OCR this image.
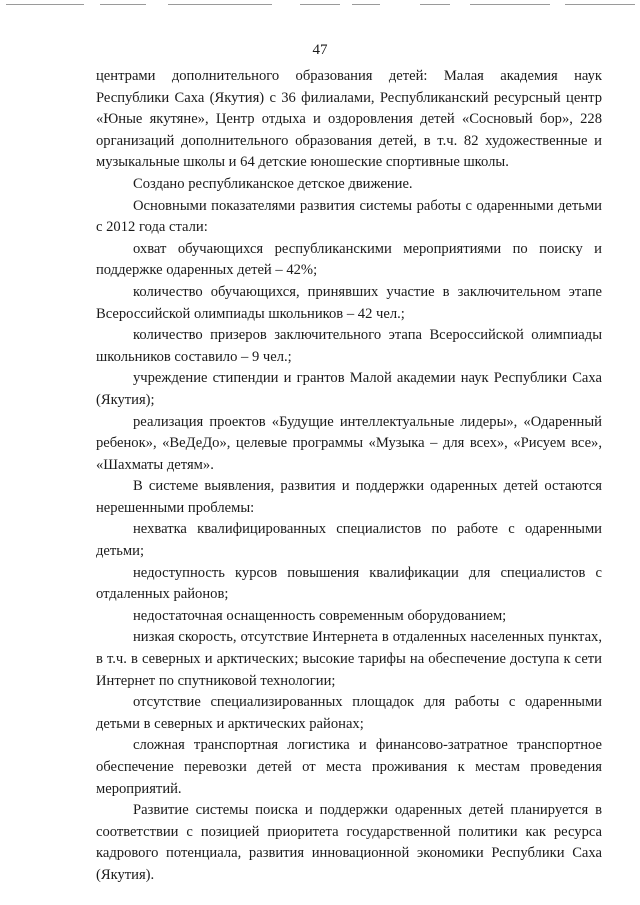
47

центрами дополнительного образования детей: Малая академия наук Республики Саха (Якутия) с 36 филиалами, Республиканский ресурсный центр «Юные якутяне», Центр отдыха и оздоровления детей «Сосновый бор», 228 организаций дополнительного образования детей, в т.ч. 82 художественные и музыкальные школы и 64 детские юношеские спортивные школы.

Создано республиканское детское движение.

Основными показателями развития системы работы с одаренными детьми с 2012 года стали:

охват обучающихся республиканскими мероприятиями по поиску и поддержке одаренных детей – 42%;

количество обучающихся, принявших участие в заключительном этапе Всероссийской олимпиады школьников – 42 чел.;

количество призеров заключительного этапа Всероссийской олимпиады школьников составило – 9 чел.;

учреждение стипендии и грантов Малой академии наук Республики Саха (Якутия);

реализация проектов «Будущие интеллектуальные лидеры», «Одаренный ребенок», «ВеДеДо», целевые программы «Музыка – для всех», «Рисуем все», «Шахматы детям».

В системе выявления, развития и поддержки одаренных детей остаются нерешенными проблемы:

нехватка квалифицированных специалистов по работе с одаренными детьми;

недоступность курсов повышения квалификации для специалистов с отдаленных районов;

недостаточная оснащенность современным оборудованием;

низкая скорость, отсутствие Интернета в отдаленных населенных пунктах, в т.ч. в северных и арктических; высокие тарифы на обеспечение доступа к сети Интернет по спутниковой технологии;

отсутствие специализированных площадок для работы с одаренными детьми в северных и арктических районах;

сложная транспортная логистика и финансово-затратное транспортное обеспечение перевозки детей от места проживания к местам проведения мероприятий.

Развитие системы поиска и поддержки одаренных детей планируется в соответствии с позицией приоритета государственной политики как ресурса кадрового потенциала, развития инновационной экономики Республики Саха (Якутия).
